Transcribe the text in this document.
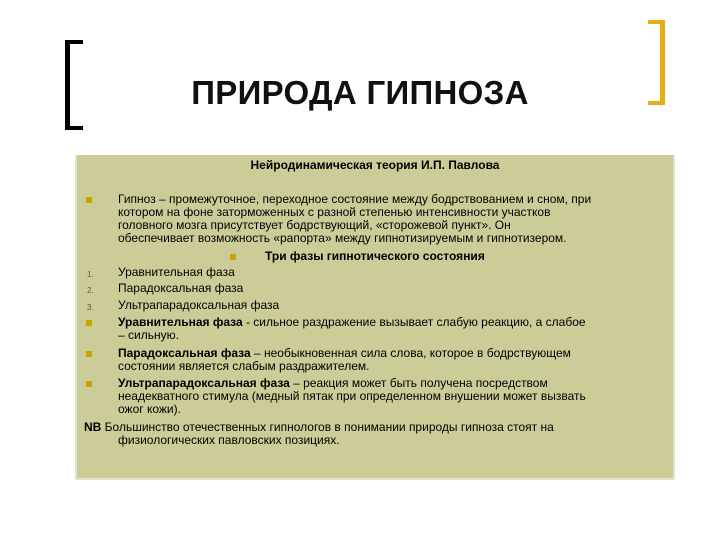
ПРИРОДА ГИПНОЗА
Нейродинамическая теория И.П. Павлова
Гипноз – промежуточное, переходное состояние между бодрствованием и сном, при
котором на фоне заторможенных с разной степенью интенсивности участков
головного мозга присутствует бодрствующий, «сторожевой пункт». Он
обеспечивает возможность «рапорта» между гипнотизируемым и гипнотизером.
Три фазы гипнотического состояния
1. Уравнительная фаза
2. Парадоксальная фаза
3. Ультрапарадоксальная фаза
Уравнительная фаза - сильное раздражение вызывает слабую реакцию, а слабое
– сильную.
Парадоксальная фаза – необыкновенная сила слова, которое в бодрствующем
состоянии является слабым раздражителем.
Ультрапарадоксальная фаза – реакция может быть получена посредством
неадекватного стимула (медный пятак при определенном внушении может вызвать
ожог кожи).
NB Большинство отечественных гипнологов в понимании природы гипноза стоят на
физиологических павловских позициях.
